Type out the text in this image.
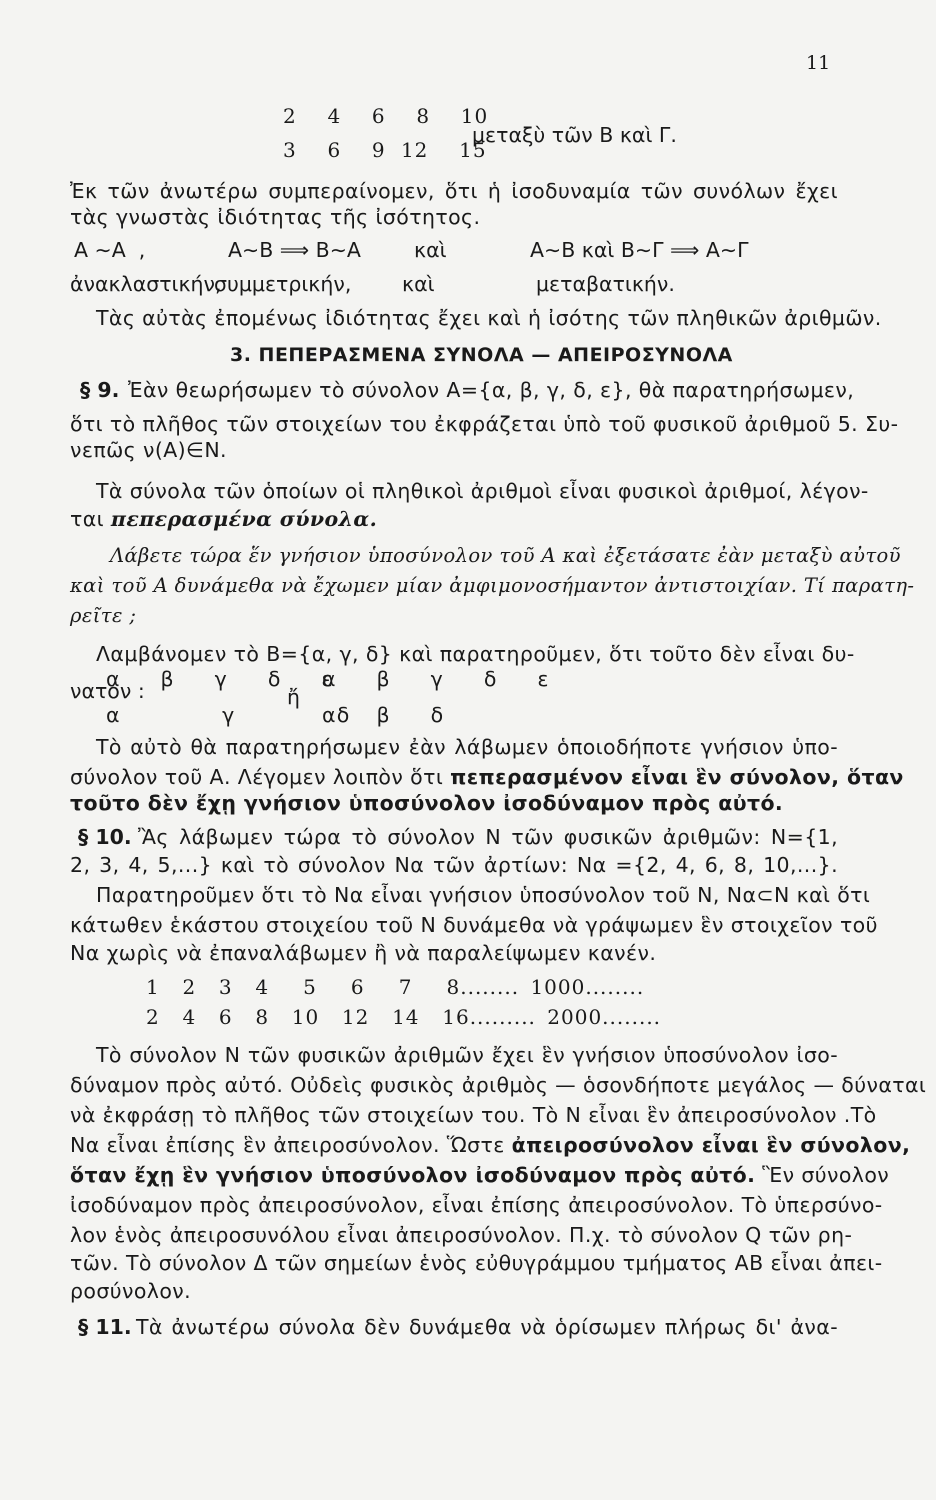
11
2  4  6  8  10
3  6  9 12  15
μεταξὺ τῶν Β καὶ Γ.
Ἐκ τῶν ἀνωτέρω συμπεραίνομεν, ὅτι ἡ ἰσοδυναμία τῶν συνόλων ἔχει
τὰς γνωστὰς ἰδιότητας τῆς ἰσότητος.
Α ∼Α  ,	Α∼Β ⟹ Β∼Α	καὶ	Α∼Β καὶ Β∼Γ ⟹ Α∼Γ
ἀνακλαστικήν,
συμμετρικήν, καὶ	μεταβατικήν.
Τὰς αὐτὰς ἐπομένως ἰδιότητας ἔχει καὶ ἡ ἰσότης τῶν πληθικῶν ἀριθμῶν.
3. ΠΕΠΕΡΑΣΜΕΝΑ ΣΥΝΟΛΑ — ΑΠΕΙΡΟΣΥΝΟΛΑ
§ 9. Ἐὰν θεωρήσωμεν τὸ σύνολον Α={α, β, γ, δ, ε}, θὰ παρατηρήσωμεν,
ὅτι τὸ πλῆθος τῶν στοιχείων του ἐκφράζεται ὑπὸ τοῦ φυσικοῦ ἀριθμοῦ 5. Συ-
νεπῶς ν(Α)∈Ν.
Τὰ σύνολα τῶν ὁποίων οἱ πληθικοὶ ἀριθμοὶ εἶναι φυσικοὶ ἀριθμοί, λέγον-
ται πεπερασμένα σύνολα.
Λάβετε τώρα ἕν γνήσιον ὑποσύνολον τοῦ Α καὶ ἐξετάσατε ἐὰν μεταξὺ αὐτοῦ
καὶ τοῦ Α δυνάμεθα νὰ ἔχωμεν μίαν ἀμφιμονοσήμαντον ἀντιστοιχίαν. Τί παρατη-
ρεῖτε ;
Λαμβάνομεν τὸ Β={α, γ, δ} καὶ παρατηροῦμεν, ὅτι τοῦτο δὲν εἶναι δυ-
νατόν :
α  β  γ  δ  ε
α     γ     δ
ἤ
α  β  γ  δ  ε
α  β  δ
Τὸ αὐτὸ θὰ παρατηρήσωμεν ἐὰν λάβωμεν ὁποιοδήποτε γνήσιον ὑπο-
σύνολον τοῦ Α. Λέγομεν λοιπὸν ὅτι πεπερασμένον εἶναι ἓν σύνολον, ὅταν
τοῦτο δὲν ἔχῃ γνήσιον ὑποσύνολον ἰσοδύναμον πρὸς αὐτό.
§ 10. Ἂς λάβωμεν τώρα τὸ σύνολον Ν τῶν φυσικῶν ἀριθμῶν: Ν={1,
2, 3, 4, 5,...} καὶ τὸ σύνολον Να τῶν ἀρτίων: Να ={2, 4, 6, 8, 10,...}.
Παρατηροῦμεν ὅτι τὸ Να εἶναι γνήσιον ὑποσύνολον τοῦ Ν, Να⊂Ν καὶ ὅτι
κάτωθεν ἑκάστου στοιχείου τοῦ Ν δυνάμεθα νὰ γράψωμεν ἓν στοιχεῖον τοῦ
Να χωρὶς νὰ ἐπαναλάβωμεν ἢ νὰ παραλείψωμεν κανέν.
1  2  3  4   5   6   7   8........ 1000........
2  4  6  8  10  12  14  16......... 2000........
Τὸ σύνολον Ν τῶν φυσικῶν ἀριθμῶν ἔχει ἓν γνήσιον ὑποσύνολον ἰσο-
δύναμον πρὸς αὐτό. Οὐδεὶς φυσικὸς ἀριθμὸς — ὁσονδήποτε μεγάλος — δύναται
νὰ ἐκφράσῃ τὸ πλῆθος τῶν στοιχείων του. Τὸ Ν εἶναι ἓν ἀπειροσύνολον .Τὸ
Να εἶναι ἐπίσης ἓν ἀπειροσύνολον. Ὥστε ἀπειροσύνολον εἶναι ἓν σύνολον,
ὅταν ἔχῃ ἓν γνήσιον ὑποσύνολον ἰσοδύναμον πρὸς αὐτό. Ἓν σύνολον
ἰσοδύναμον πρὸς ἀπειροσύνολον, εἶναι ἐπίσης ἀπειροσύνολον. Τὸ ὑπερσύνο-
λον ἑνὸς ἀπειροσυνόλου εἶναι ἀπειροσύνολον. Π.χ. τὸ σύνολον Q τῶν ρη-
τῶν. Τὸ σύνολον Δ τῶν σημείων ἑνὸς εὐθυγράμμου τμήματος ΑΒ εἶναι ἀπει-
ροσύνολον.
§ 11. Τὰ ἀνωτέρω σύνολα δὲν δυνάμεθα νὰ ὁρίσωμεν πλήρως δι' ἀνα-
